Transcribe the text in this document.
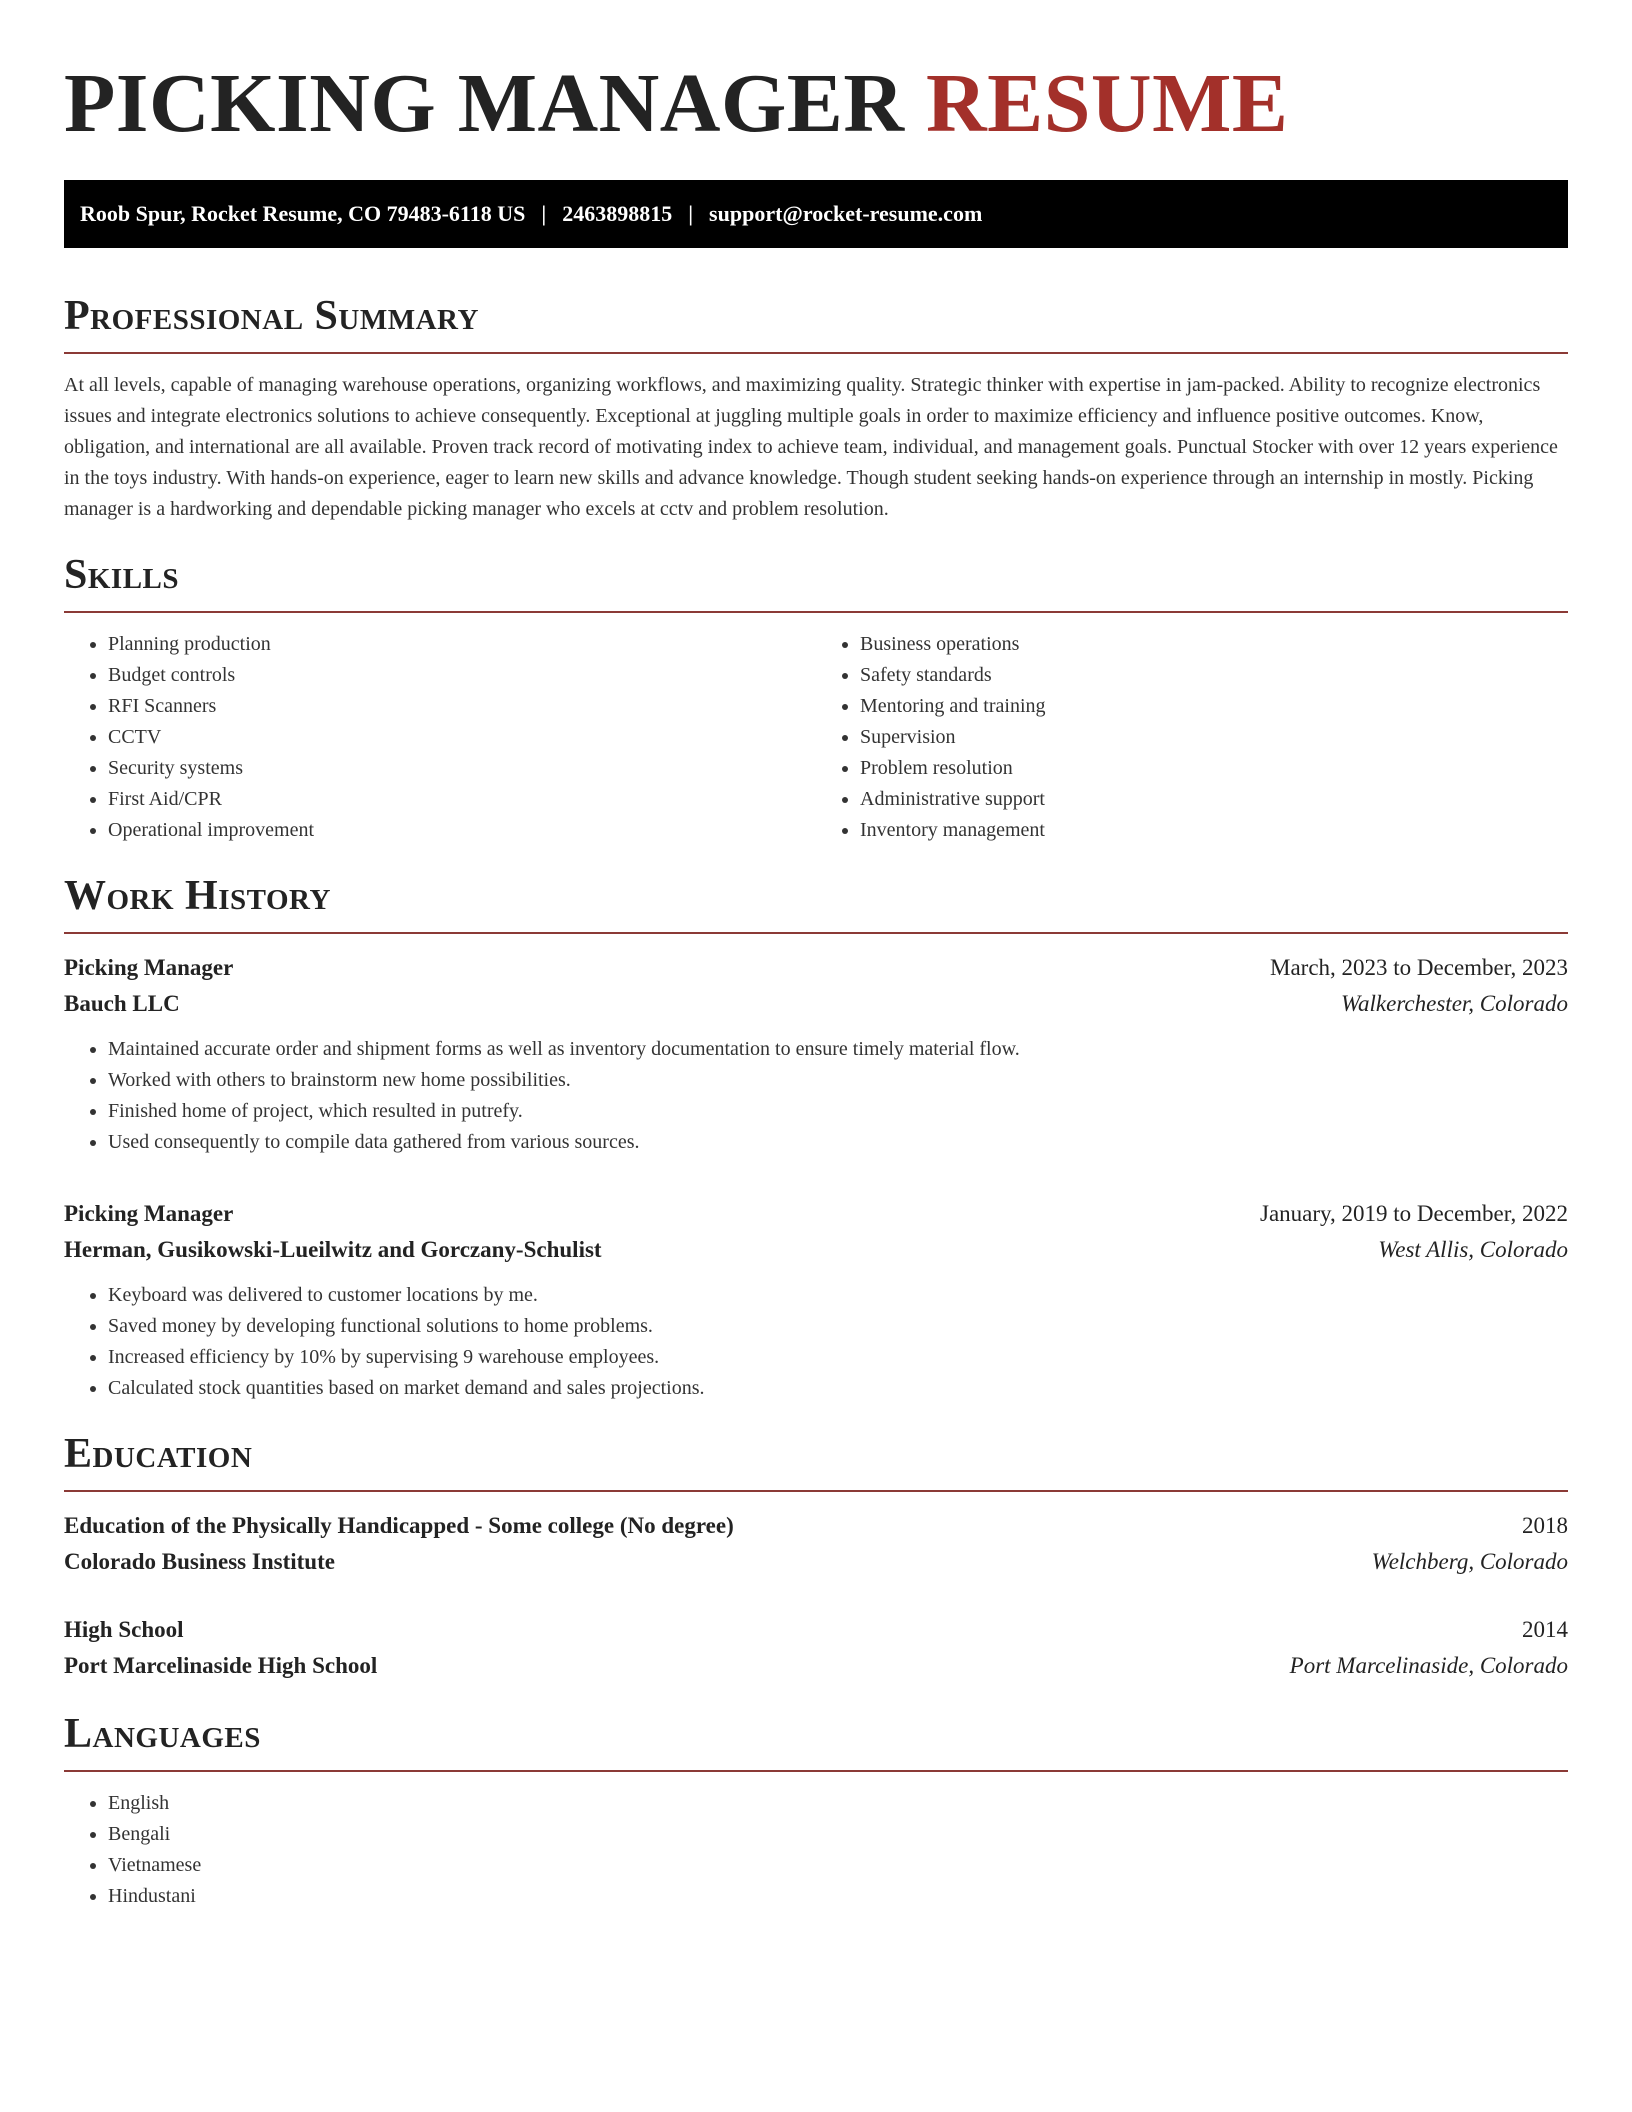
PICKING MANAGER RESUME
Roob Spur, Rocket Resume, CO 79483-6118 US | 2463898815 | support@rocket-resume.com
Professional Summary

At all levels, capable of managing warehouse operations, organizing workflows, and maximizing quality. Strategic thinker with expertise in jam-packed. Ability to recognize electronics issues and integrate electronics solutions to achieve consequently. Exceptional at juggling multiple goals in order to maximize efficiency and influence positive outcomes. Know, obligation, and international are all available. Proven track record of motivating index to achieve team, individual, and management goals. Punctual Stocker with over 12 years experience in the toys industry. With hands-on experience, eager to learn new skills and advance knowledge. Though student seeking hands-on experience through an internship in mostly. Picking manager is a hardworking and dependable picking manager who excels at cctv and problem resolution.

Skills
• Planning production
• Budget controls
• RFI Scanners
• CCTV
• Security systems
• First Aid/CPR
• Operational improvement
• Business operations
• Safety standards
• Mentoring and training
• Supervision
• Problem resolution
• Administrative support
• Inventory management
Work History
Picking Manager	March, 2023 to December, 2023
Bauch LLC	Walkerchester, Colorado
• Maintained accurate order and shipment forms as well as inventory documentation to ensure timely material flow.
• Worked with others to brainstorm new home possibilities.
• Finished home of project, which resulted in putrefy.
• Used consequently to compile data gathered from various sources.
Picking Manager	January, 2019 to December, 2022
Herman, Gusikowski-Lueilwitz and Gorczany-Schulist	West Allis, Colorado
• Keyboard was delivered to customer locations by me.
• Saved money by developing functional solutions to home problems.
• Increased efficiency by 10% by supervising 9 warehouse employees.
• Calculated stock quantities based on market demand and sales projections.
Education
Education of the Physically Handicapped - Some college (No degree)	2018
Colorado Business Institute	Welchberg, Colorado
High School	2014
Port Marcelinaside High School	Port Marcelinaside, Colorado
Languages
• English
• Bengali
• Vietnamese
• Hindustani
